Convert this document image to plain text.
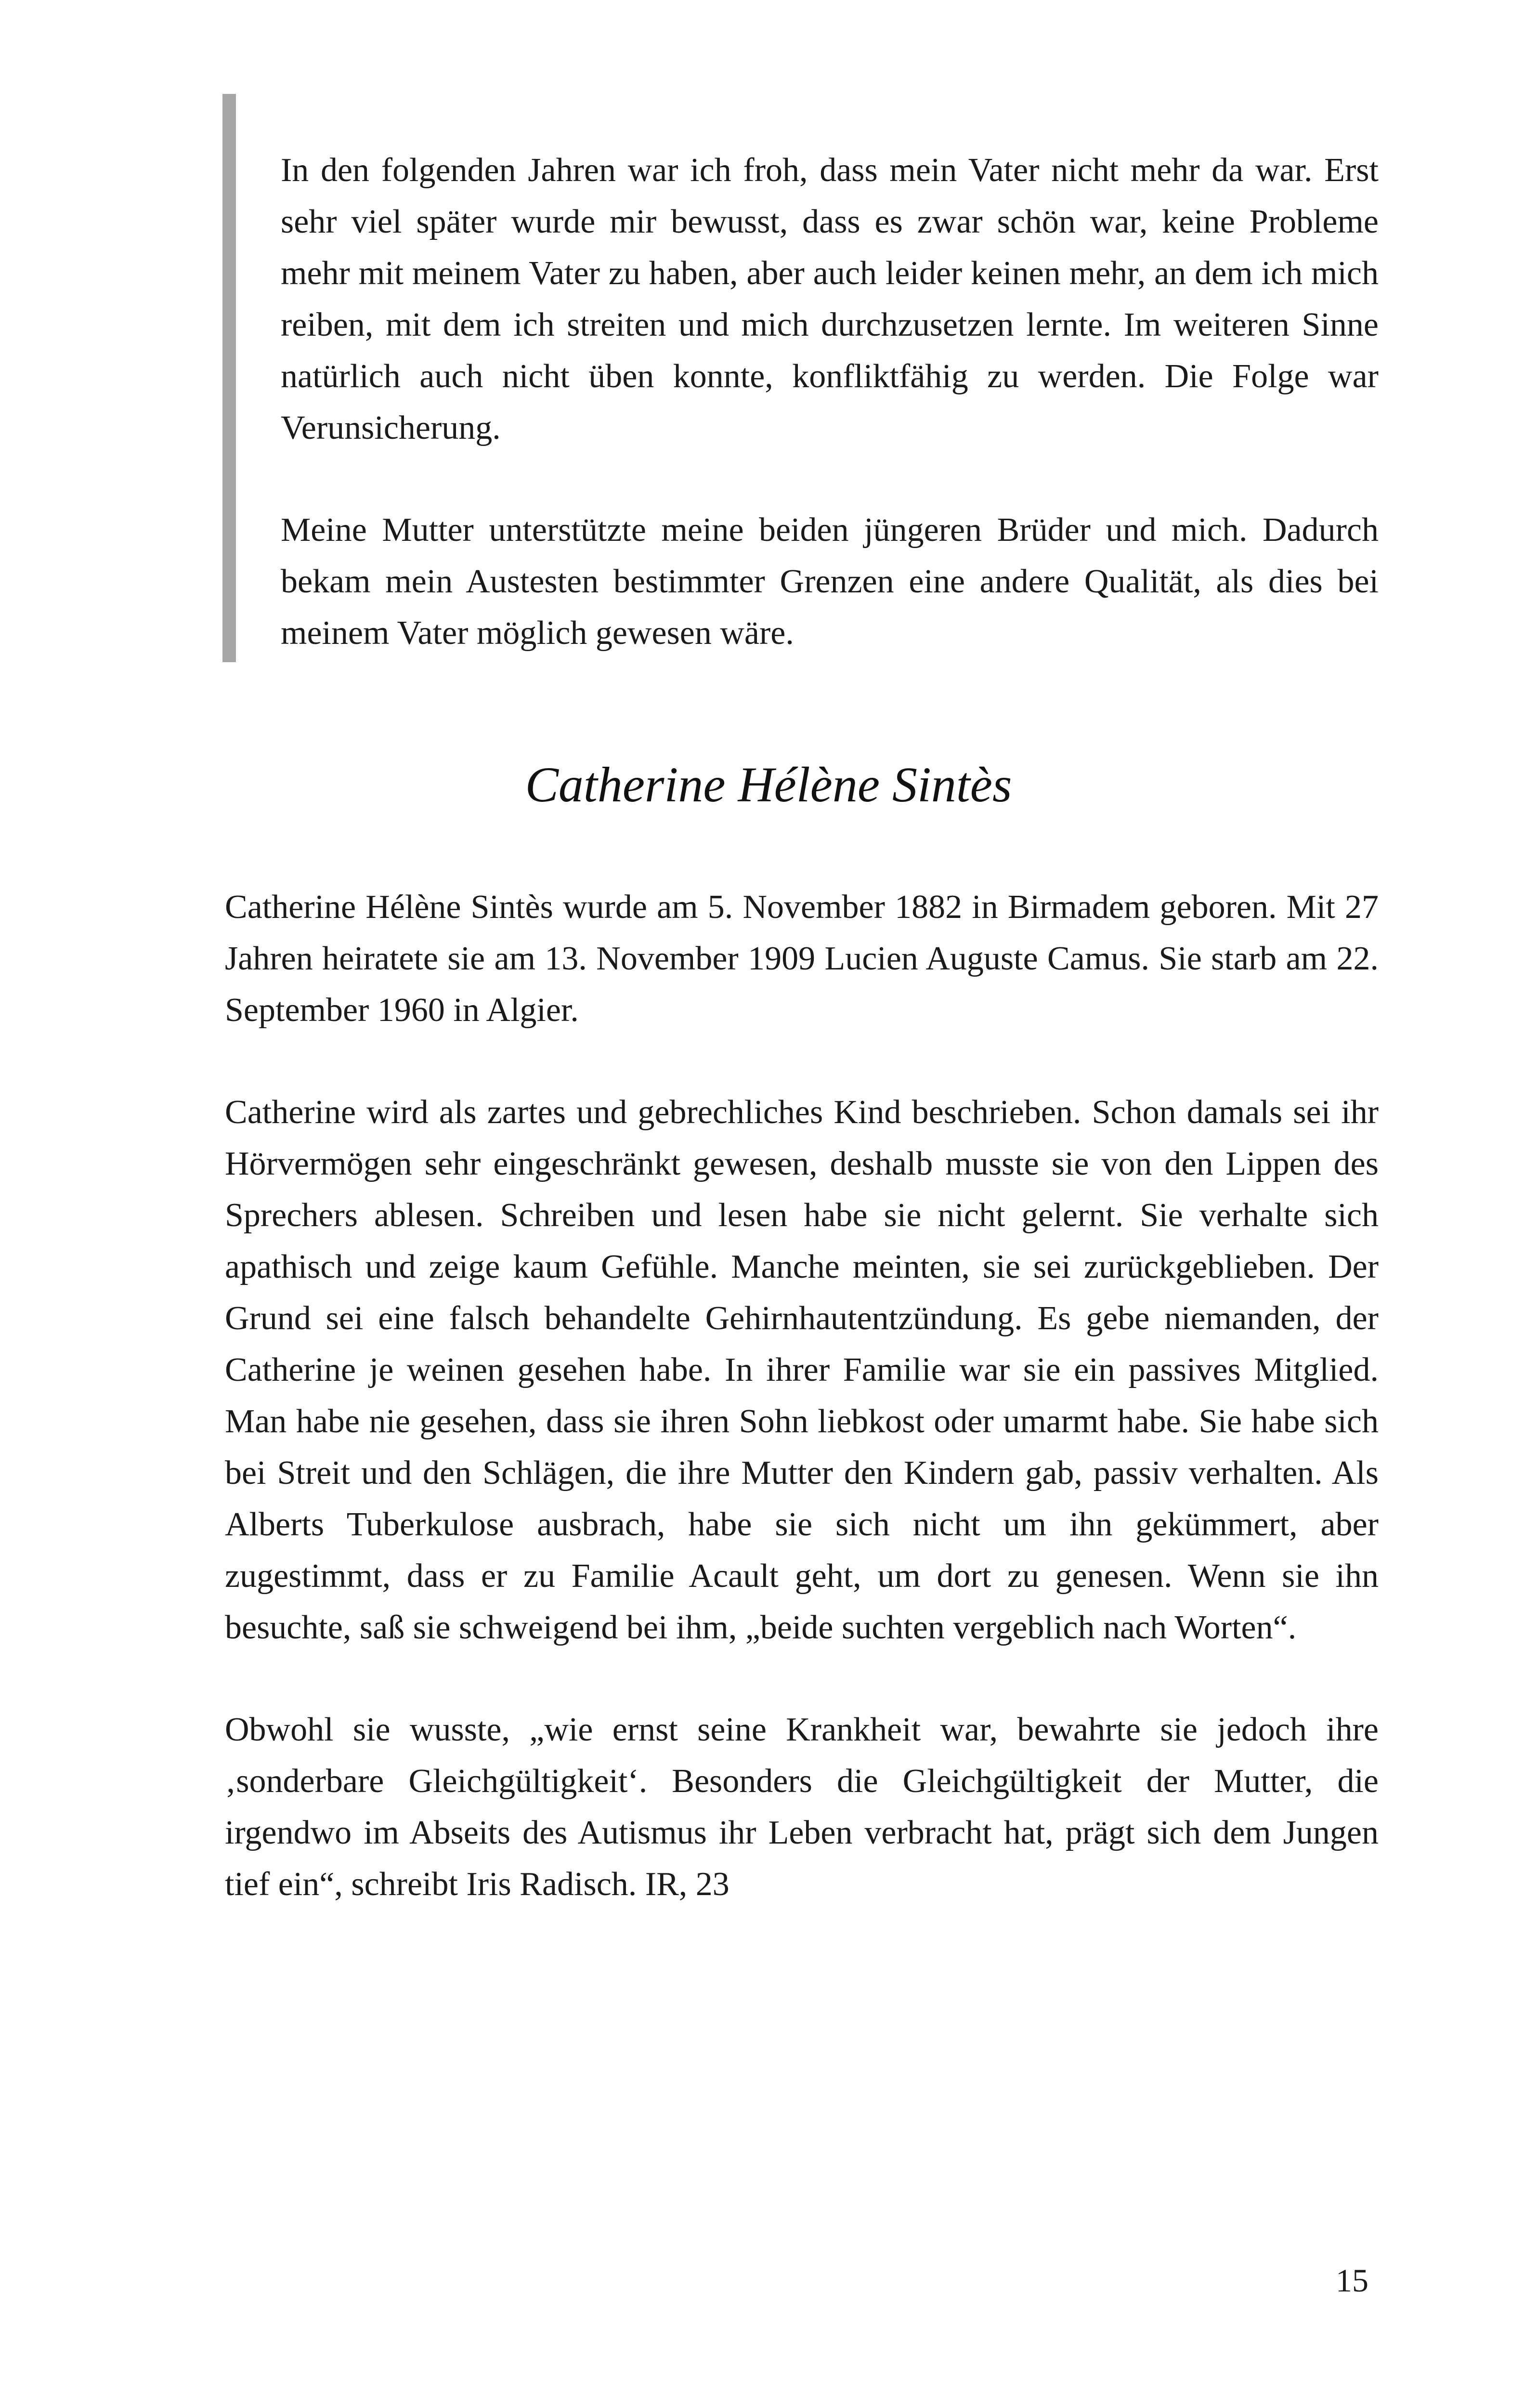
In den folgenden Jahren war ich froh, dass mein Vater nicht mehr da war. Erst sehr viel später wurde mir bewusst, dass es zwar schön war, keine Probleme mehr mit meinem Vater zu haben, aber auch leider keinen mehr, an dem ich mich reiben, mit dem ich streiten und mich durchzusetzen lernte. Im weiteren Sinne natürlich auch nicht üben konnte, konfliktfähig zu werden. Die Folge war Verunsicherung.

Meine Mutter unterstützte meine beiden jüngeren Brüder und mich. Dadurch bekam mein Austesten bestimmter Grenzen eine andere Qualität, als dies bei meinem Vater möglich gewesen wäre.

Catherine Hélène Sintès

Catherine Hélène Sintès wurde am 5. November 1882 in Birmadem geboren. Mit 27 Jahren heiratete sie am 13. November 1909 Lucien Auguste Camus. Sie starb am 22. September 1960 in Algier.

Catherine wird als zartes und gebrechliches Kind beschrieben. Schon damals sei ihr Hörvermögen sehr eingeschränkt gewesen, deshalb musste sie von den Lippen des Sprechers ablesen. Schreiben und lesen habe sie nicht gelernt. Sie verhalte sich apathisch und zeige kaum Gefühle. Manche meinten, sie sei zurückgeblieben. Der Grund sei eine falsch behandelte Gehirnhautentzündung. Es gebe niemanden, der Catherine je weinen gesehen habe. In ihrer Familie war sie ein passives Mitglied. Man habe nie gesehen, dass sie ihren Sohn liebkost oder umarmt habe. Sie habe sich bei Streit und den Schlägen, die ihre Mutter den Kindern gab, passiv verhalten. Als Alberts Tuberkulose ausbrach, habe sie sich nicht um ihn gekümmert, aber zugestimmt, dass er zu Familie Acault geht, um dort zu genesen. Wenn sie ihn besuchte, saß sie schweigend bei ihm, „beide suchten vergeblich nach Worten“.

Obwohl sie wusste, „wie ernst seine Krankheit war, bewahrte sie jedoch ihre ‚sonderbare Gleichgültigkeit‘. Besonders die Gleichgültigkeit der Mutter, die irgendwo im Abseits des Autismus ihr Leben verbracht hat, prägt sich dem Jungen tief ein“, schreibt Iris Radisch. IR, 23

15
